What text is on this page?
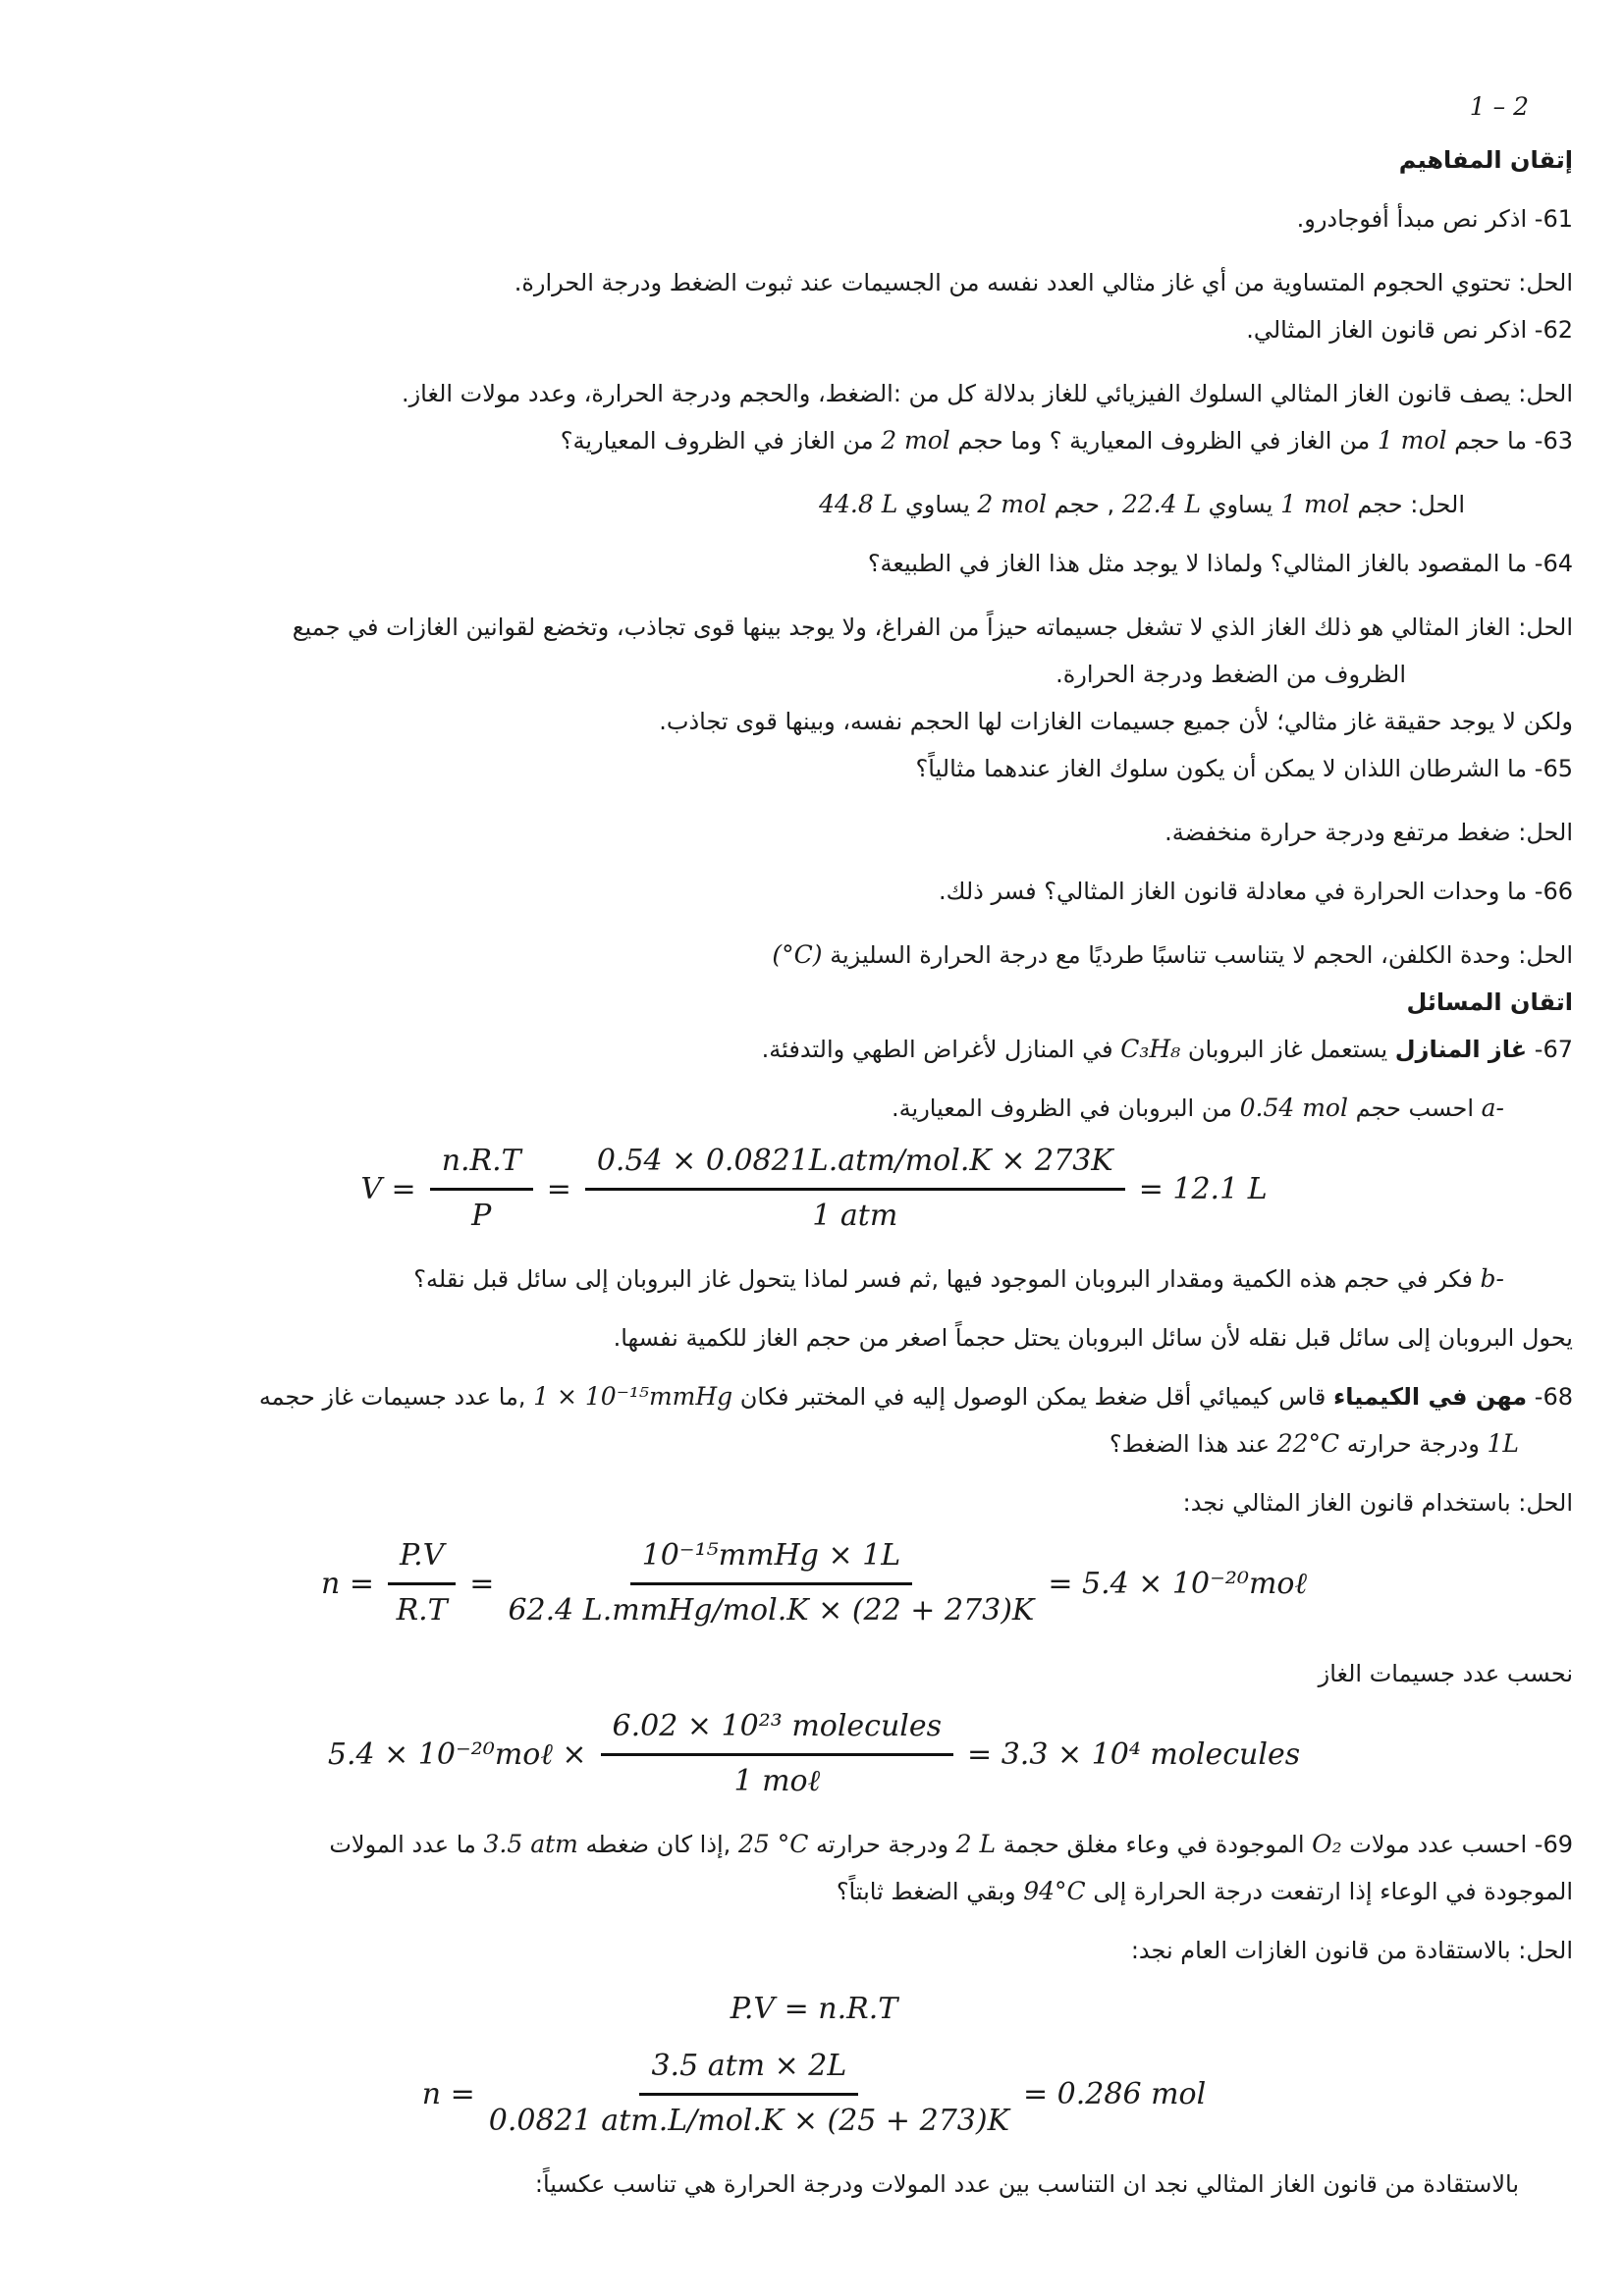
1 – 2
إتقان المفاهيم
61- اذكر نص مبدأ أفوجادرو.
الحل: تحتوي الحجوم المتساوية من أي غاز مثالي العدد نفسه من الجسيمات عند ثبوت الضغط ودرجة الحرارة.
62- اذكر نص قانون الغاز المثالي.
الحل: يصف قانون الغاز المثالي السلوك الفيزيائي للغاز بدلالة كل من :الضغط، والحجم ودرجة الحرارة، وعدد مولات الغاز.
63- ما حجم 1 mol من الغاز في الظروف المعيارية ؟ وما حجم 2 mol من الغاز في الظروف المعيارية؟
الحل: حجم 1 mol يساوي 22.4 L , حجم 2 mol يساوي 44.8 L
64- ما المقصود بالغاز المثالي؟ ولماذا لا يوجد مثل هذا الغاز في الطبيعة؟
الحل: الغاز المثالي هو ذلك الغاز الذي لا تشغل جسيماته حيزاً من الفراغ، ولا يوجد بينها قوى تجاذب، وتخضع لقوانين الغازات في جميع
الظروف من الضغط ودرجة الحرارة.
ولكن لا يوجد حقيقة غاز مثالي؛ لأن جميع جسيمات الغازات لها الحجم نفسه، وبينها قوى تجاذب.
65- ما الشرطان اللذان لا يمكن أن يكون سلوك الغاز عندهما مثالياً؟
الحل: ضغط مرتفع ودرجة حرارة منخفضة.
66- ما وحدات الحرارة في معادلة قانون الغاز المثالي؟ فسر ذلك.
الحل: وحدة الكلفن، الحجم لا يتناسب تناسبًا طرديًا مع درجة الحرارة السليزية (°C)
اتقان المسائل
67- غاز المنازل يستعمل غاز البروبان C₃H₈ في المنازل لأغراض الطهي والتدفئة.
a- احسب حجم 0.54 mol من البروبان في الظروف المعيارية.
$V = \frac{n.R.T}{P} = \frac{\text{0.54 × 0.0821L.atm/mol.K × 273K}}{\text{1 atm}} = 12.1$ L
b- فكر في حجم هذه الكمية ومقدار البروبان الموجود فيها ,ثم فسر لماذا يتحول غاز البروبان إلى سائل قبل نقله؟
يحول البروبان إلى سائل قبل نقله لأن سائل البروبان يحتل حجماً اصغر من حجم الغاز للكمية نفسها.
68- مهن في الكيمياء قاس كيميائي أقل ضغط يمكن الوصول إليه في المختبر فكان 1 × 10⁻¹⁵mmHg ,ما عدد جسيمات غاز حجمه
1L ودرجة حرارته 22°C عند هذا الضغط؟
الحل: باستخدام قانون الغاز المثالي نجد:
$n = \frac{P.V}{R.T} = \frac{\text{10⁻¹⁵mmHg × 1L}}{\text{62.4 L.mmHg/mol.K × (22 + 273)K}} = 5.4$ × 10⁻²⁰moℓ
نحسب عدد جسيمات الغاز
5.4 × 10⁻²⁰moℓ × $\frac{\text{6.02 × 10²³ molecules}}{\text{1 moℓ}} = 3.3 \times 10^4$ molecules
69- احسب عدد مولات O₂ الموجودة في وعاء مغلق حجمة 2 L ودرجة حرارته 25 °C ,إذا كان ضغطه 3.5 atm ما عدد المولات
الموجودة في الوعاء إذا ارتفعت درجة الحرارة إلى 94°C وبقي الضغط ثابتاً؟
الحل: بالاستقادة من قانون الغازات العام نجد:
P.V = n.R.T
$n = \frac{\text{3.5 atm × 2L}}{\text{0.0821 atm.L/mol.K × (25 + 273)K}} = 0.286$ mol
بالاستقادة من قانون الغاز المثالي نجد ان التناسب بين عدد المولات ودرجة الحرارة هي تناسب عكسياً:
